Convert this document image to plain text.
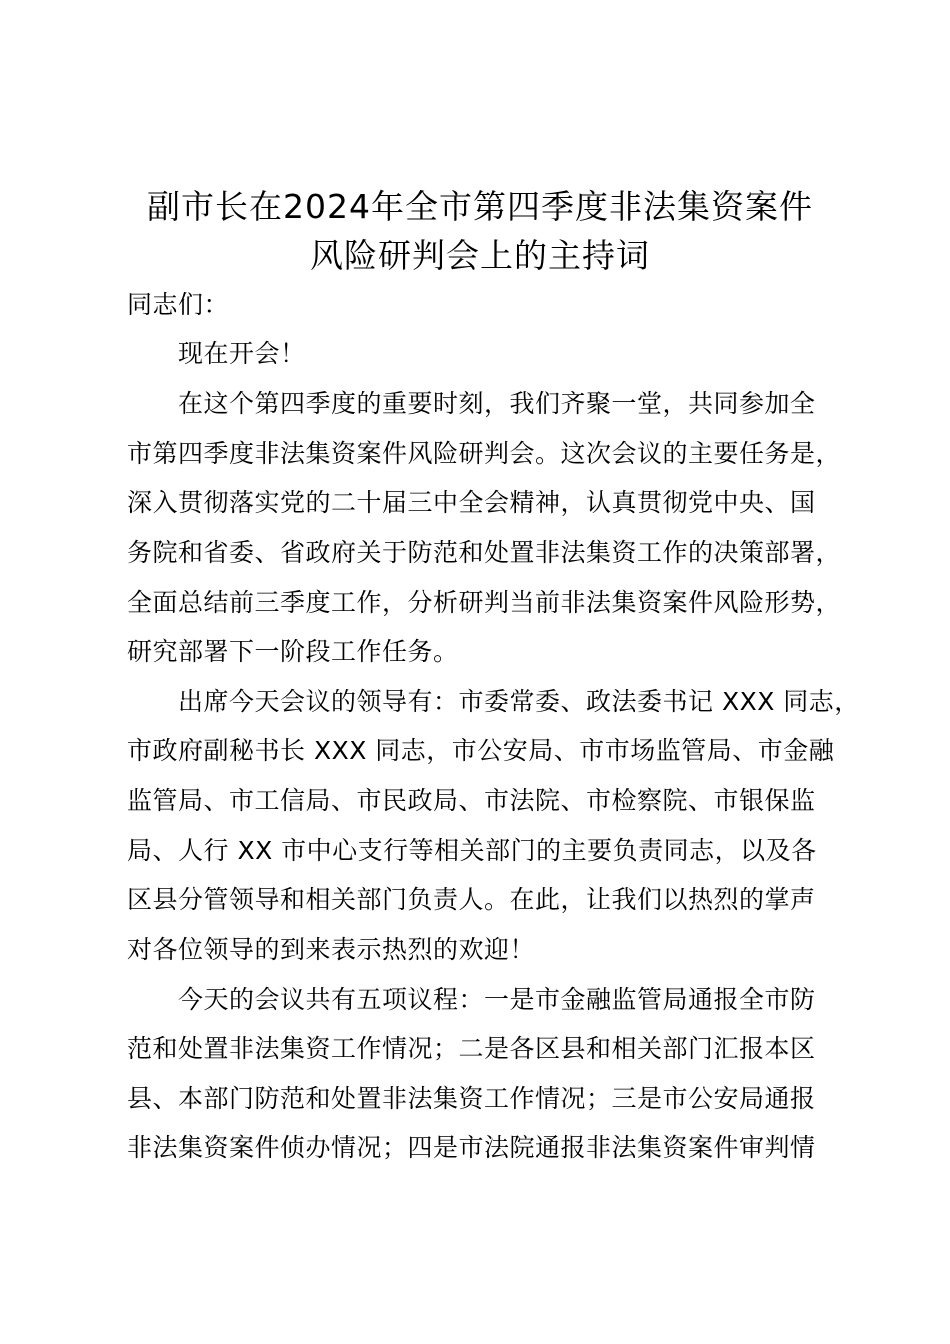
副市长在2024年全市第四季度非法集资案件
风险研判会上的主持词
同志们：
现在开会！
在这个第四季度的重要时刻，我们齐聚一堂，共同参加全
市第四季度非法集资案件风险研判会。这次会议的主要任务是，
深入贯彻落实党的二十届三中全会精神，认真贯彻党中央、国
务院和省委、省政府关于防范和处置非法集资工作的决策部署，
全面总结前三季度工作，分析研判当前非法集资案件风险形势，
研究部署下一阶段工作任务。
出席今天会议的领导有：市委常委、政法委书记 XXX 同志，
市政府副秘书长 XXX 同志，市公安局、市市场监管局、市金融
监管局、市工信局、市民政局、市法院、市检察院、市银保监
局、人行 XX 市中心支行等相关部门的主要负责同志，以及各
区县分管领导和相关部门负责人。在此，让我们以热烈的掌声
对各位领导的到来表示热烈的欢迎！
今天的会议共有五项议程：一是市金融监管局通报全市防
范和处置非法集资工作情况；二是各区县和相关部门汇报本区
县、本部门防范和处置非法集资工作情况；三是市公安局通报
非法集资案件侦办情况；四是市法院通报非法集资案件审判情
